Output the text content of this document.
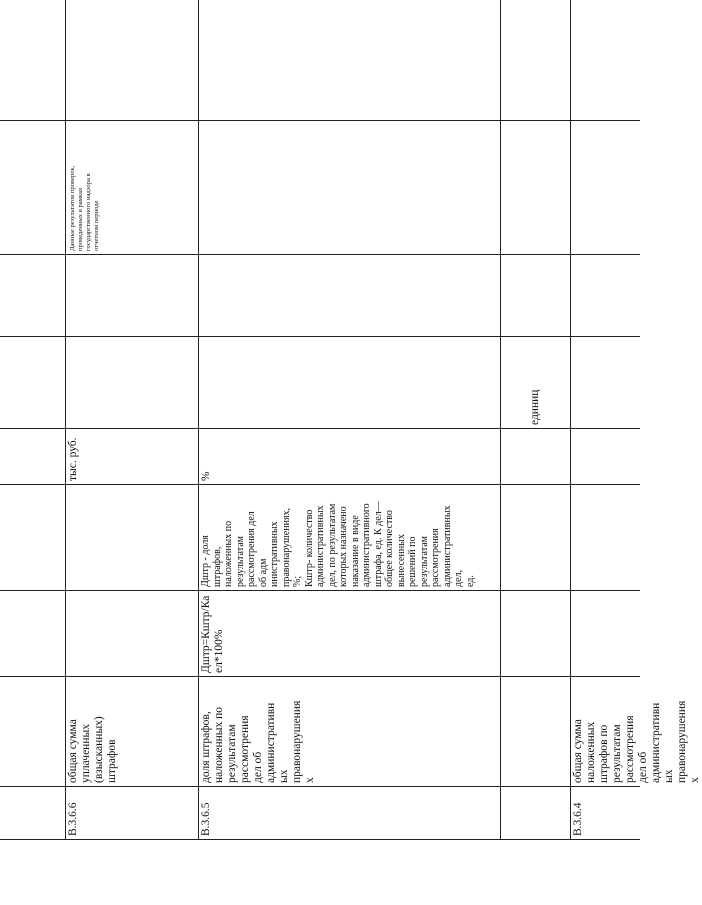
единиц
В.3.6.4
общая сумма
наложенных
штрафов по
результатам
рассмотрения
дел об
административн
ых
правонарушения
х
В.3.6.5
доля штрафов,
наложенных по
результатам
рассмотрения
дел об
административн
ых
правонарушения
х
Дштр=Кштр/Ка
ел*100%
Дштр - доля
штрафов,
наложенных по
результатам
рассмотрения дел
об адм
инистративных
правонарушениях,
%;
Кштр- количество
административных
дел, по результатам
которых назначено
наказание в виде
административного
штрафа, ед. К дел—
общее количество
вынесенных
решений по
результатам
рассмотрения
административных
дел,
ед.
%
В.3.6.6
общая сумма
уплаченных
(взысканных)
штрафов
тыс. руб.
Данные результатов проверок,
проведенных в рамках
государственного надзора в
отчетном периоде
